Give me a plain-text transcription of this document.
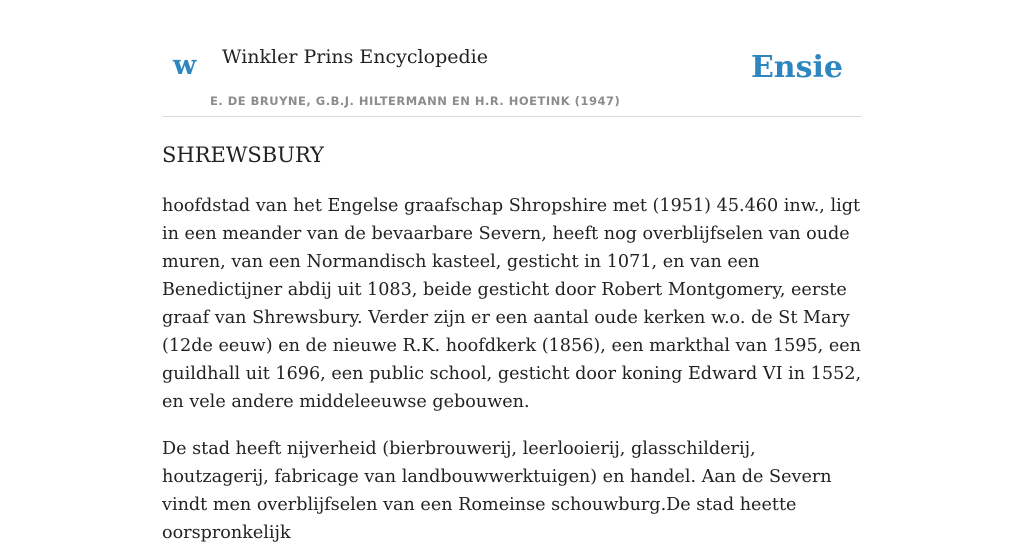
w Winkler Prins Encyclopedie
E. DE BRUYNE, G.B.J. HILTERMANN EN H.R. HOETINK (1947)
Ensie
SHREWSBURY

hoofdstad van het Engelse graafschap Shropshire met (1951) 45.460 inw., ligt in een meander van de bevaarbare Severn, heeft nog overblijfselen van oude muren, van een Normandisch kasteel, gesticht in 1071, en van een Benedictijner abdij uit 1083, beide gesticht door Robert Montgomery, eerste graaf van Shrewsbury. Verder zijn er een aantal oude kerken w.o. de St Mary (12de eeuw) en de nieuwe R.K. hoofdkerk (1856), een markthal van 1595, een guildhall uit 1696, een public school, gesticht door koning Edward VI in 1552, en vele andere middeleeuwse gebouwen.

De stad heeft nijverheid (bierbrouwerij, leerlooierij, glasschilderij, houtzagerij, fabricage van landbouwwerktuigen) en handel. Aan de Severn vindt men overblijfselen van een Romeinse schouwburg.De stad heette oorspronkelijk
